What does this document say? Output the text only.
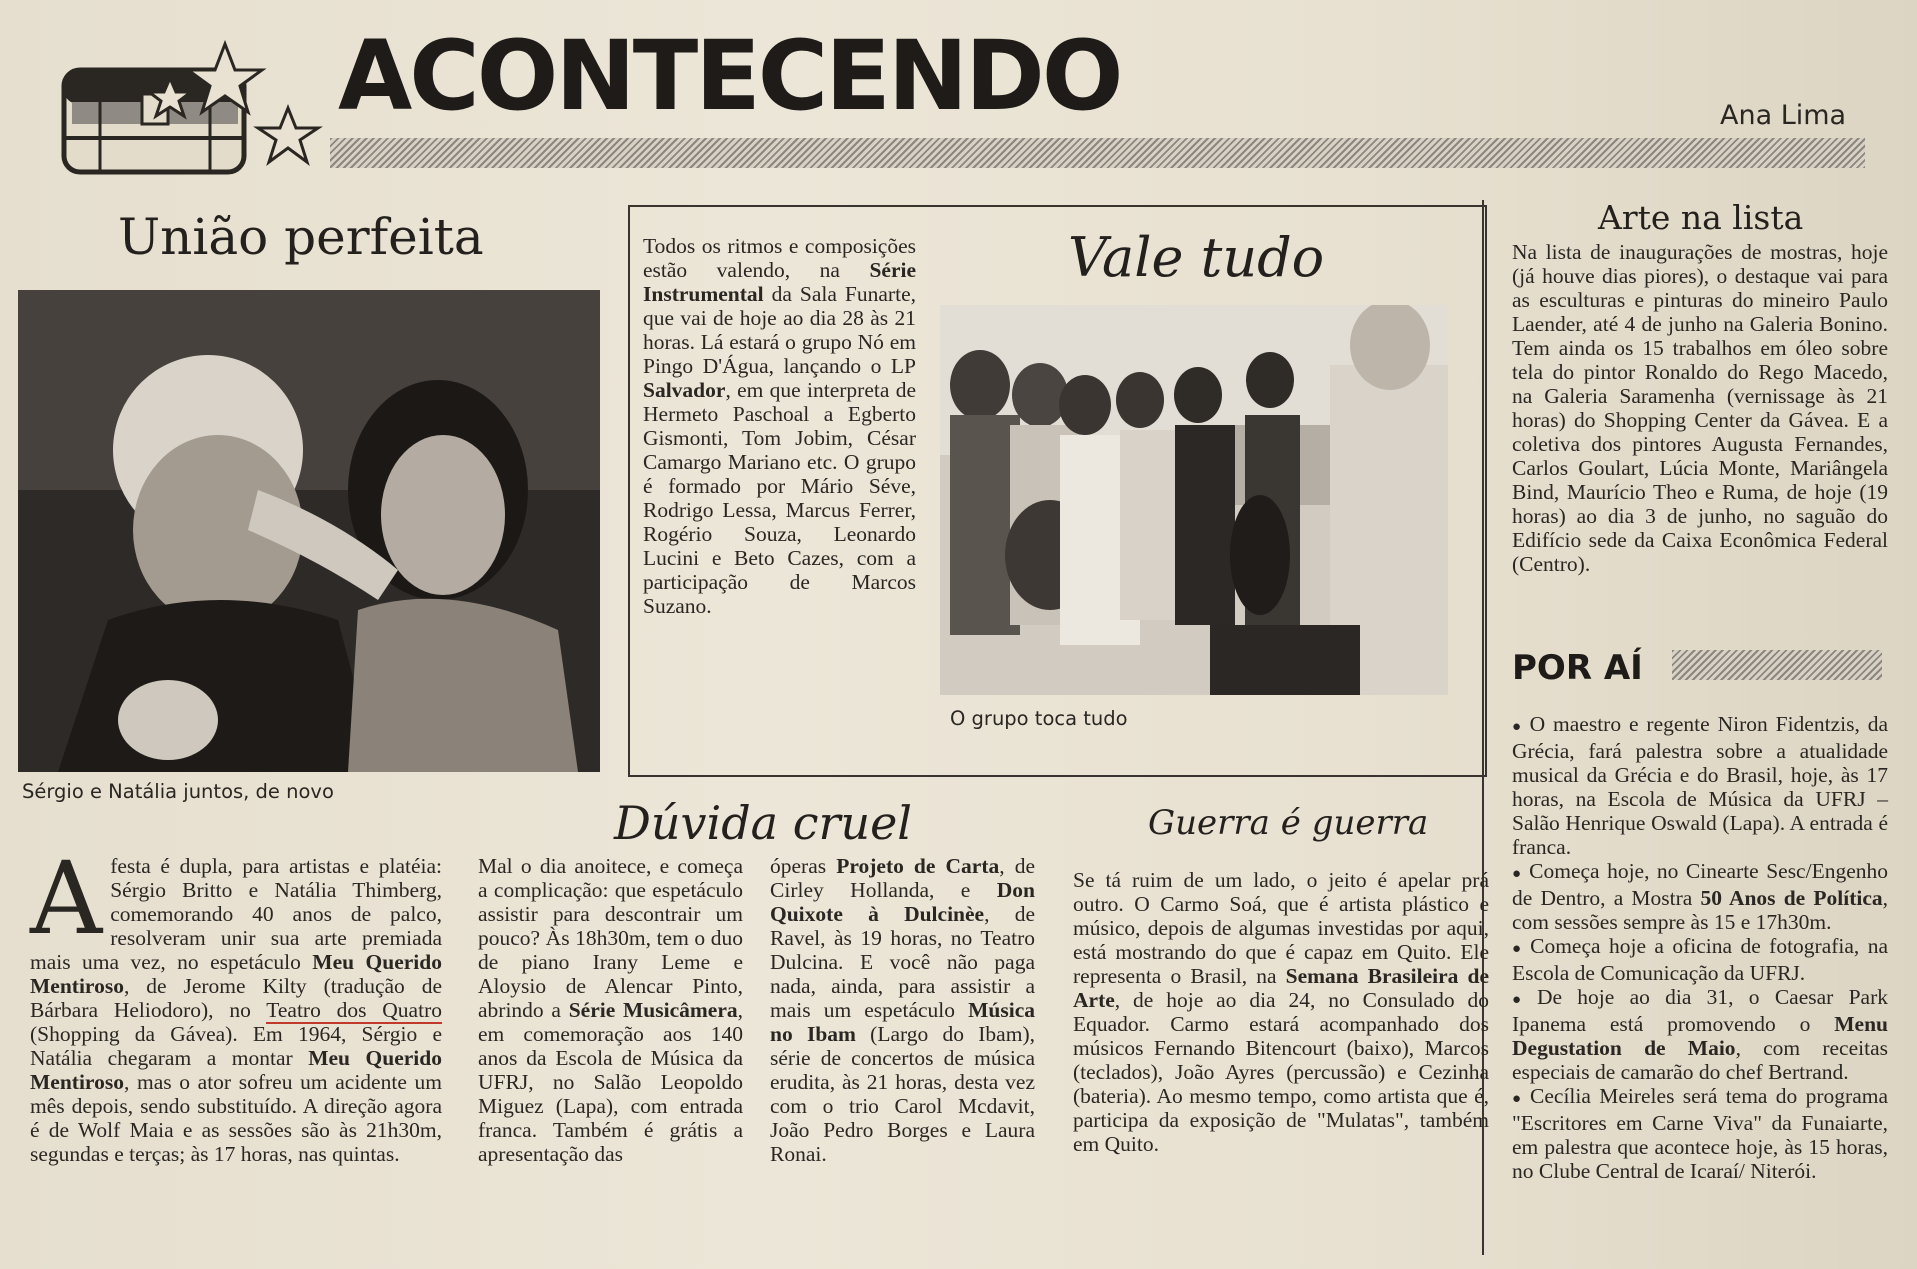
ACONTECENDO	Ana Lima
União perfeita
Sérgio e Natália juntos, de novo
A festa é dupla, para artistas e platéia: Sérgio Britto e Natália Thimberg, comemorando 40 anos de palco, resolveram unir sua arte premiada mais uma vez, no espetáculo Meu Querido Mentiroso, de Jerome Kilty (tradução de Bárbara Heliodoro), no Teatro dos Quatro (Shopping da Gávea). Em 1964, Sérgio e Natália chegaram a montar Meu Querido Mentiroso, mas o ator sofreu um acidente um mês depois, sendo substituído. A direção agora é de Wolf Maia e as sessões são às 21h30m, segundas e terças; às 17 horas, nas quintas.
Todos os ritmos e composições estão valendo, na Série Instrumental da Sala Funarte, que vai de hoje ao dia 28 às 21 horas. Lá estará o grupo Nó em Pingo D'Água, lançando o LP Salvador, em que interpreta de Hermeto Paschoal a Egberto Gismonti, Tom Jobim, César Camargo Mariano etc. O grupo é formado por Mário Séve, Rodrigo Lessa, Marcus Ferrer, Rogério Souza, Leonardo Lucini e Beto Cazes, com a participação de Marcos Suzano.
Vale tudo
O grupo toca tudo
Dúvida cruel
Mal o dia anoitece, e começa a complicação: que espetáculo assistir para descontrair um pouco? Às 18h30m, tem o duo de piano Irany Leme e Aloysio de Alencar Pinto, abrindo a Série Musicâmera, em comemoração aos 140 anos da Escola de Música da UFRJ, no Salão Leopoldo Miguez (Lapa), com entrada franca. Também é grátis a apresentação das
óperas Projeto de Carta, de Cirley Hollanda, e Don Quixote à Dulcinèe, de Ravel, às 19 horas, no Teatro Dulcina. E você não paga nada, ainda, para assistir a mais um espetáculo Música no Ibam (Largo do Ibam), série de concertos de música erudita, às 21 horas, desta vez com o trio Carol Mcdavit, João Pedro Borges e Laura Ronai.
Guerra é guerra
Se tá ruim de um lado, o jeito é apelar prá outro. O Carmo Soá, que é artista plástico e músico, depois de algumas investidas por aqui, está mostrando do que é capaz em Quito. Ele representa o Brasil, na Semana Brasileira de Arte, de hoje ao dia 24, no Consulado do Equador. Carmo estará acompanhado dos músicos Fernando Bitencourt (baixo), Marcos (teclados), João Ayres (percussão) e Cezinha (bateria). Ao mesmo tempo, como artista que é, participa da exposição de "Mulatas", também em Quito.
Arte na lista
Na lista de inaugurações de mostras, hoje (já houve dias piores), o destaque vai para as esculturas e pinturas do mineiro Paulo Laender, até 4 de junho na Galeria Bonino. Tem ainda os 15 trabalhos em óleo sobre tela do pintor Ronaldo do Rego Macedo, na Galeria Saramenha (vernissage às 21 horas) do Shopping Center da Gávea. E a coletiva dos pintores Augusta Fernandes, Carlos Goulart, Lúcia Monte, Mariângela Bind, Maurício Theo e Ruma, de hoje (19 horas) ao dia 3 de junho, no saguão do Edifício sede da Caixa Econômica Federal (Centro).
POR AÍ
● O maestro e regente Niron Fidentzis, da Grécia, fará palestra sobre a atualidade musical da Grécia e do Brasil, hoje, às 17 horas, na Escola de Música da UFRJ – Salão Henrique Oswald (Lapa). A entrada é franca.
● Começa hoje, no Cinearte Sesc/Engenho de Dentro, a Mostra 50 Anos de Política, com sessões sempre às 15 e 17h30m.
● Começa hoje a oficina de fotografia, na Escola de Comunicação da UFRJ.
● De hoje ao dia 31, o Caesar Park Ipanema está promovendo o Menu Degustation de Maio, com receitas especiais de camarão do chef Bertrand.
● Cecília Meireles será tema do programa "Escritores em Carne Viva" da Funaiarte, em palestra que acontece hoje, às 15 horas, no Clube Central de Icaraí/ Niterói.
